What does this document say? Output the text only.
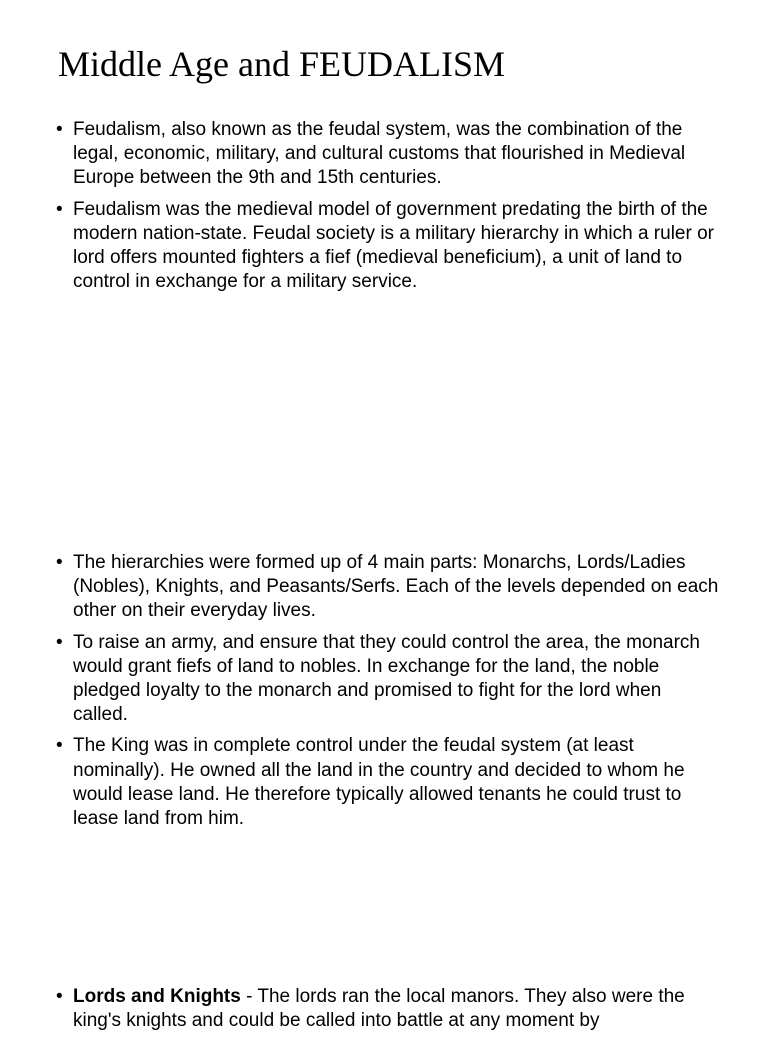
Middle Age and FEUDALISM
• Feudalism, also known as the feudal system, was the combination of the legal, economic, military, and cultural customs that flourished in Medieval Europe between the 9th and 15th centuries.
• Feudalism was the medieval model of government predating the birth of the modern nation-state. Feudal society is a military hierarchy in which a ruler or lord offers mounted fighters a fief (medieval beneficium), a unit of land to control in exchange for a military service.
• The hierarchies were formed up of 4 main parts: Monarchs, Lords/Ladies (Nobles), Knights, and Peasants/Serfs. Each of the levels depended on each other on their everyday lives.
• To raise an army, and ensure that they could control the area, the monarch would grant fiefs of land to nobles. In exchange for the land, the noble pledged loyalty to the monarch and promised to fight for the lord when called.
• The King was in complete control under the feudal system (at least nominally). He owned all the land in the country and decided to whom he would lease land. He therefore typically allowed tenants he could trust to lease land from him.
• Lords and Knights - The lords ran the local manors. They also were the king's knights and could be called into battle at any moment by
